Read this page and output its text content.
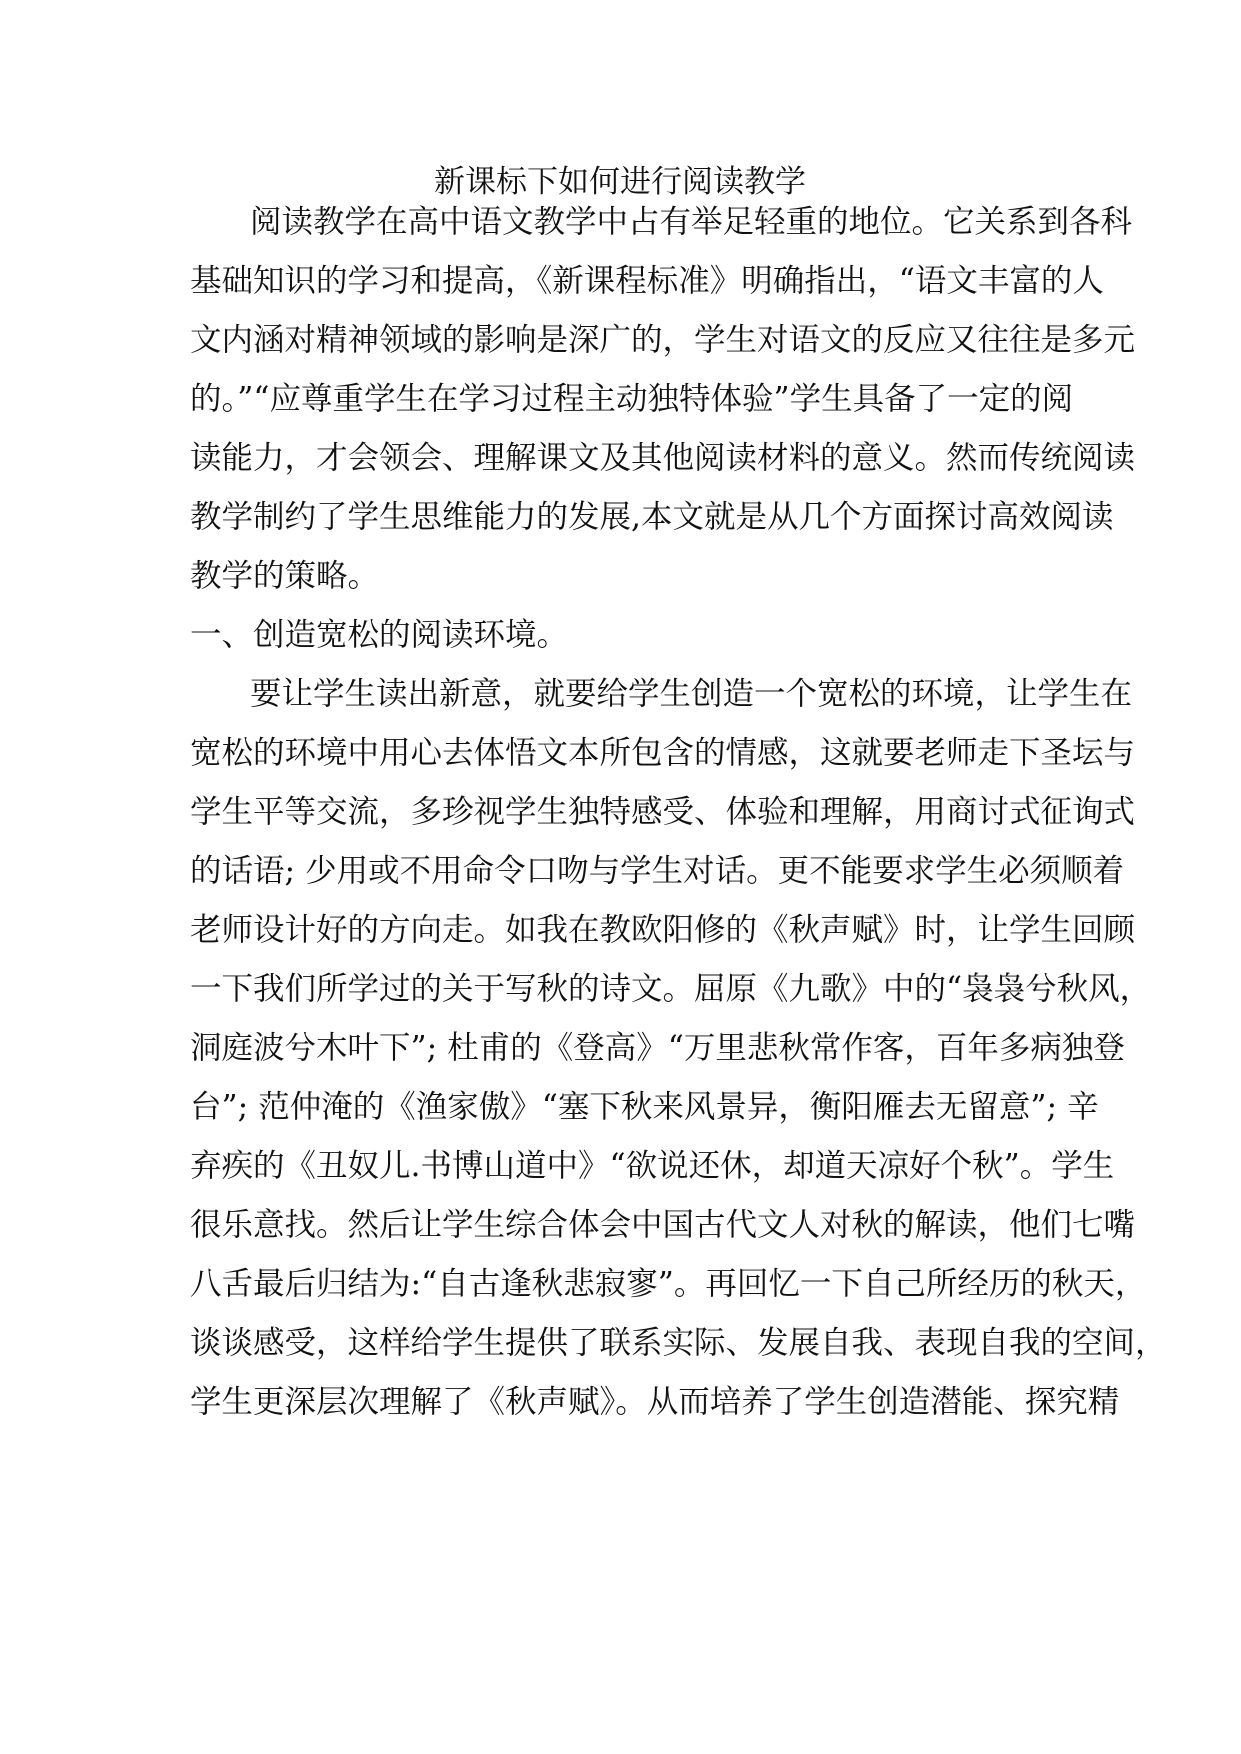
新课标下如何进行阅读教学
阅读教学在高中语文教学中占有举足轻重的地位。它关系到各科
基础知识的学习和提高，《新课程标准》明确指出，“语文丰富的人
文内涵对精神领域的影响是深广的，学生对语文的反应又往往是多元
的。”“应尊重学生在学习过程主动独特体验”学生具备了一定的阅
读能力，才会领会、理解课文及其他阅读材料的意义。然而传统阅读
教学制约了学生思维能力的发展,本文就是从几个方面探讨高效阅读
教学的策略。
一、创造宽松的阅读环境。
要让学生读出新意，就要给学生创造一个宽松的环境，让学生在
宽松的环境中用心去体悟文本所包含的情感，这就要老师走下圣坛与
学生平等交流，多珍视学生独特感受、体验和理解，用商讨式征询式
的话语; 少用或不用命令口吻与学生对话。更不能要求学生必须顺着
老师设计好的方向走。如我在教欧阳修的《秋声赋》时，让学生回顾
一下我们所学过的关于写秋的诗文。屈原《九歌》中的“袅袅兮秋风，
洞庭波兮木叶下”; 杜甫的《登高》“万里悲秋常作客，百年多病独登
台”; 范仲淹的《渔家傲》“塞下秋来风景异，衡阳雁去无留意”; 辛
弃疾的《丑奴儿.书博山道中》“欲说还休，却道天凉好个秋”。学生
很乐意找。然后让学生综合体会中国古代文人对秋的解读，他们七嘴
八舌最后归结为:“自古逢秋悲寂寥”。再回忆一下自己所经历的秋天，
谈谈感受，这样给学生提供了联系实际、发展自我、表现自我的空间，
学生更深层次理解了《秋声赋》。从而培养了学生创造潜能、探究精
